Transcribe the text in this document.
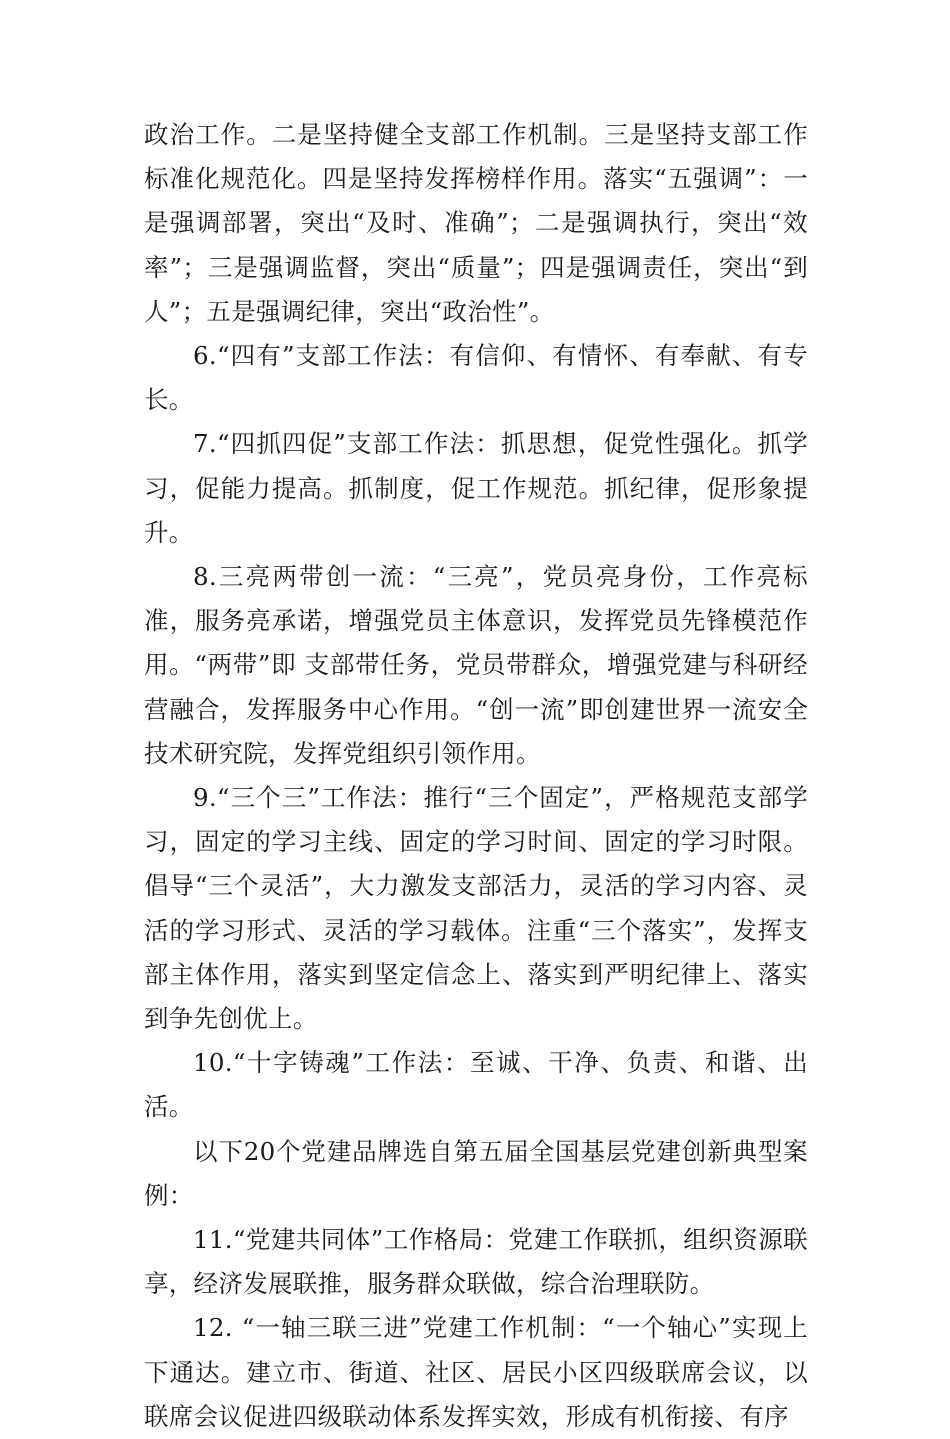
政治工作。二是坚持健全支部工作机制。三是坚持支部工作标准化规范化。四是坚持发挥榜样作用。落实“五强调”：一是强调部署，突出“及时、准确”；二是强调执行，突出“效率”；三是强调监督，突出“质量”；四是强调责任，突出“到人”；五是强调纪律，突出“政治性”。

6.“四有”支部工作法：有信仰、有情怀、有奉献、有专长。

7.“四抓四促”支部工作法：抓思想，促党性强化。抓学习，促能力提高。抓制度，促工作规范。抓纪律，促形象提升。

8.三亮两带创一流：“三亮”，党员亮身份，工作亮标准，服务亮承诺，增强党员主体意识，发挥党员先锋模范作用。“两带”即 支部带任务，党员带群众，增强党建与科研经营融合，发挥服务中心作用。“创一流”即创建世界一流安全技术研究院，发挥党组织引领作用。

9.“三个三”工作法：推行“三个固定”，严格规范支部学习，固定的学习主线、固定的学习时间、固定的学习时限。倡导“三个灵活”，大力激发支部活力，灵活的学习内容、灵活的学习形式、灵活的学习载体。注重“三个落实”，发挥支部主体作用，落实到坚定信念上、落实到严明纪律上、落实到争先创优上。

10.“十字铸魂”工作法：至诚、干净、负责、和谐、出活。

以下20个党建品牌选自第五届全国基层党建创新典型案例：

11.“党建共同体”工作格局：党建工作联抓，组织资源联享，经济发展联推，服务群众联做，综合治理联防。

12. “一轴三联三进”党建工作机制：“一个轴心”实现上下通达。建立市、街道、社区、居民小区四级联席会议，以联席会议促进四级联动体系发挥实效，形成有机衔接、有序
